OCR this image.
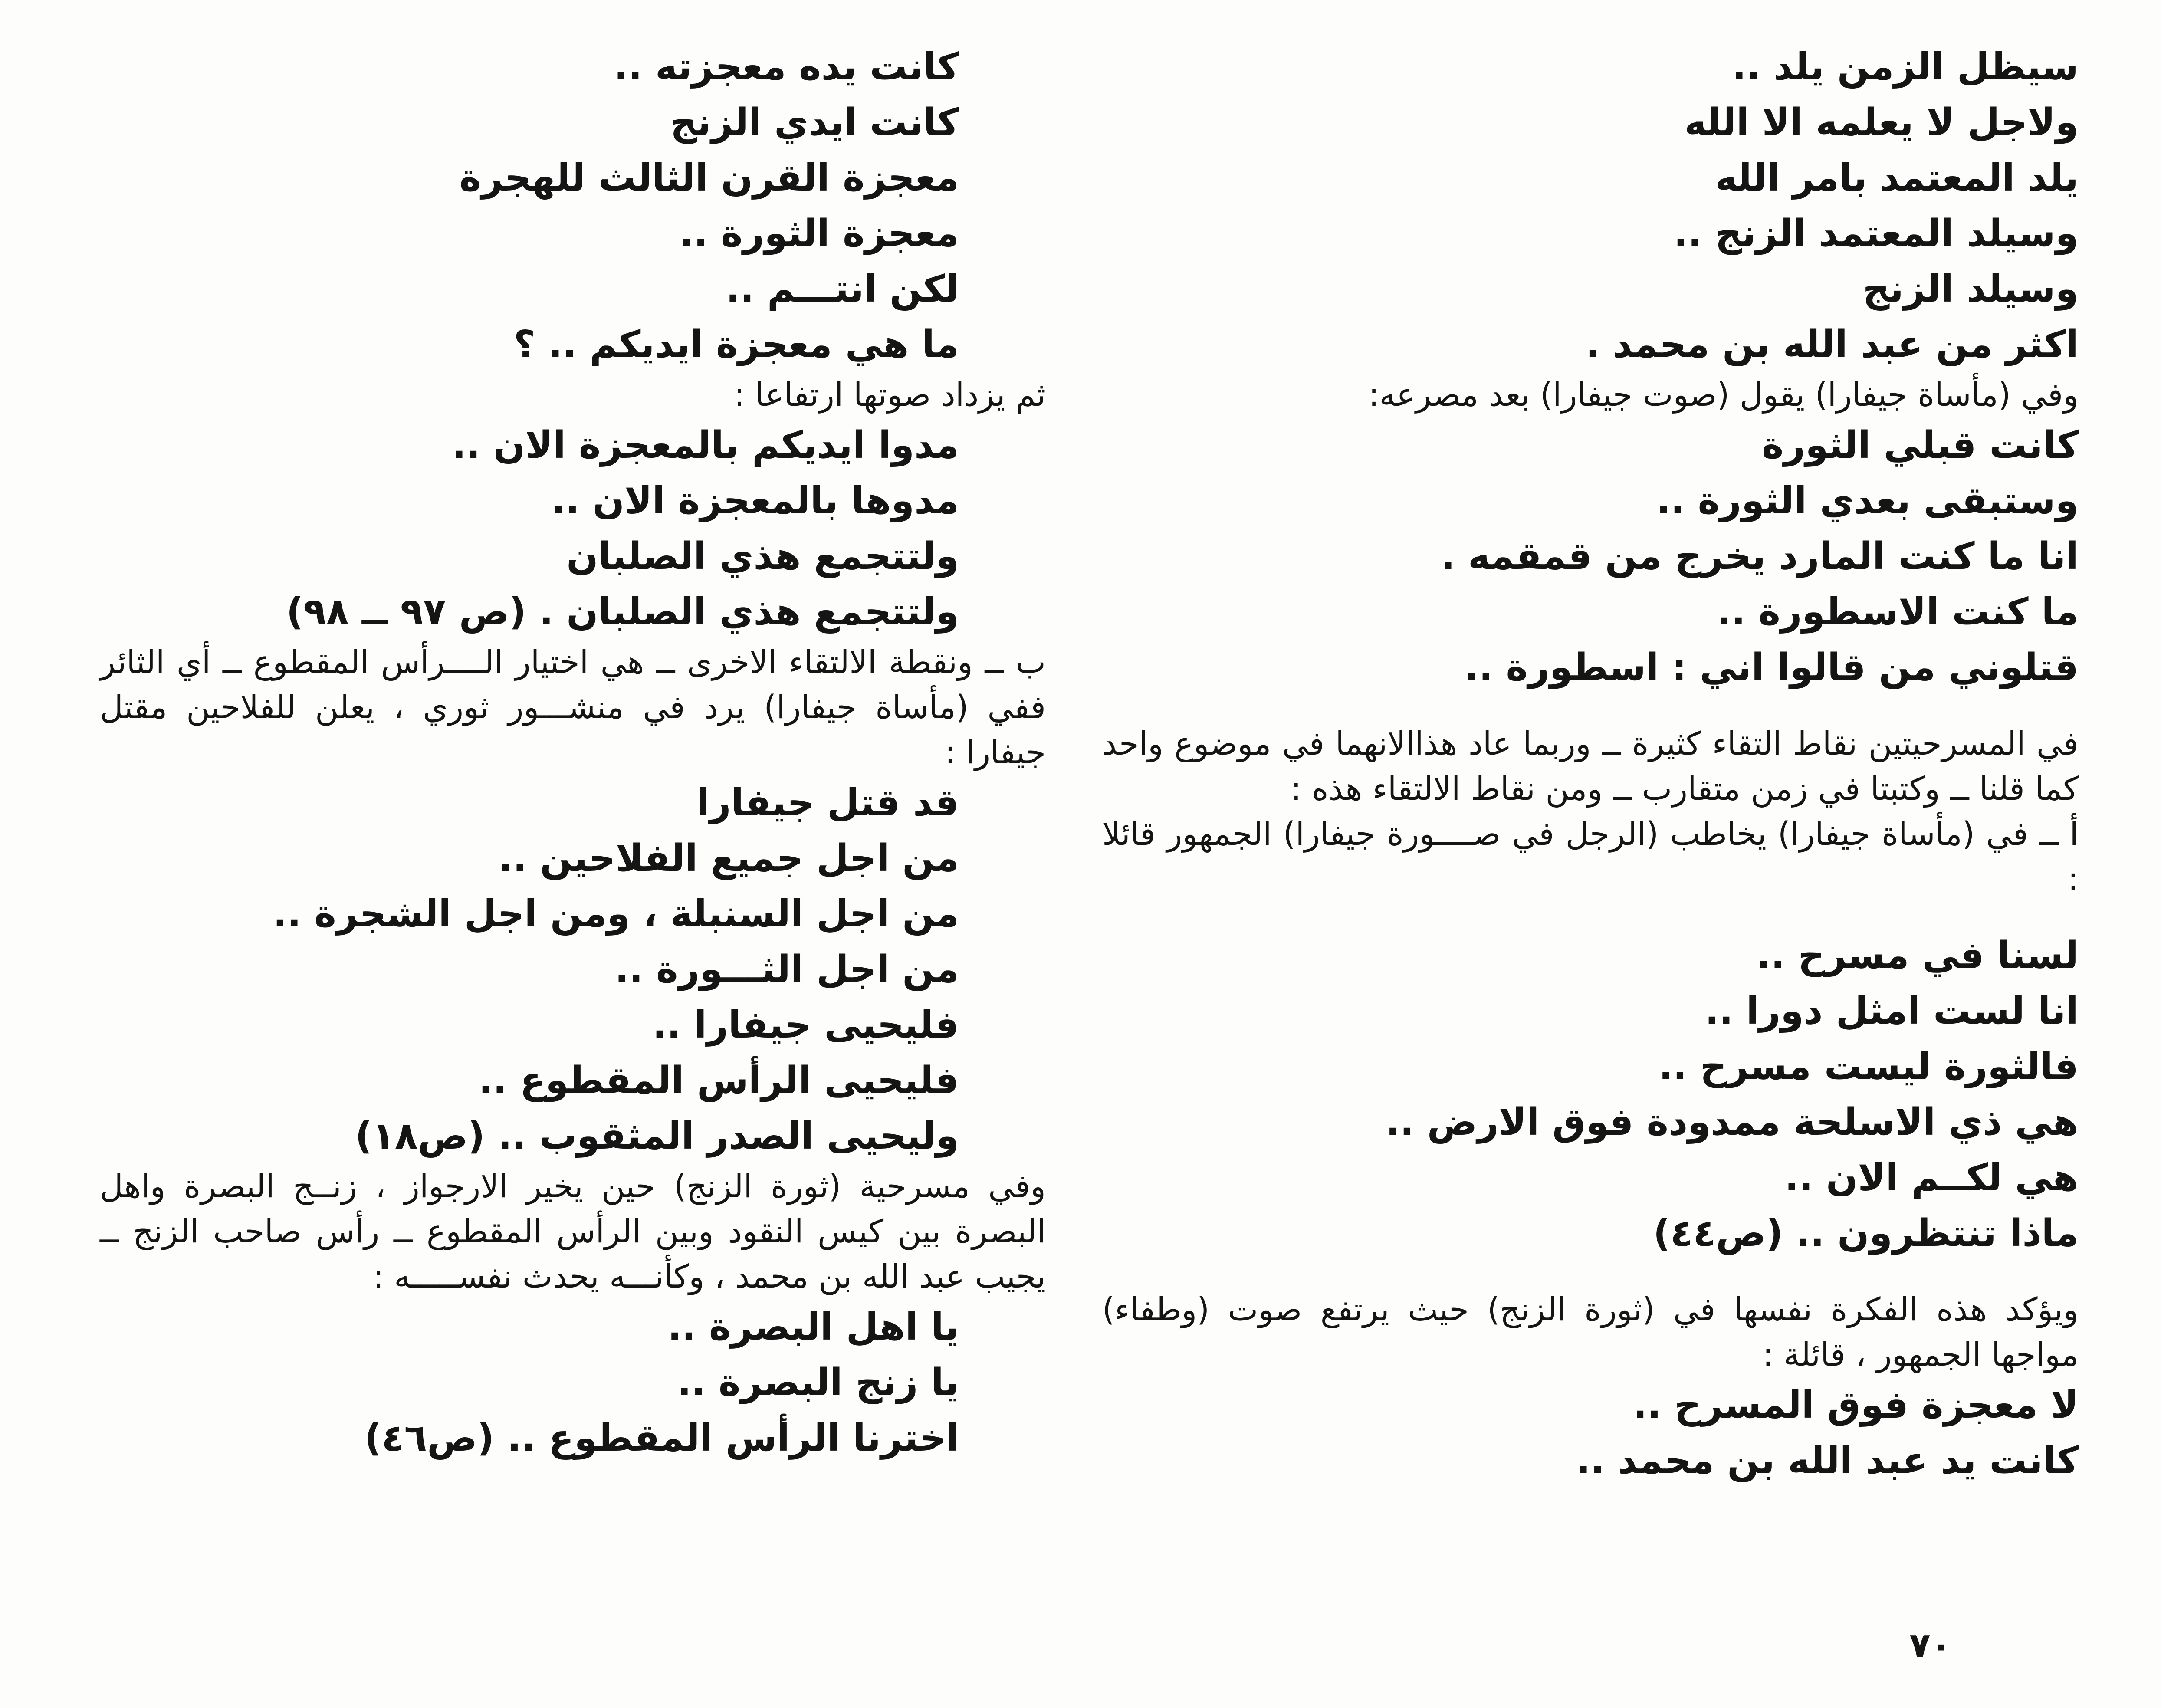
سيظل الزمن يلد ..
ولاجل لا يعلمه الا الله
يلد المعتمد بامر الله
وسيلد المعتمد الزنج ..
وسيلد الزنج
اكثر من عبد الله بن محمد .
وفي (مأساة جيفارا) يقول (صوت جيفارا) بعد مصرعه:
كانت قبلي الثورة
وستبقى بعدي الثورة ..
انا ما كنت المارد يخرج من قمقمه .
ما كنت الاسطورة ..
قتلوني من قالوا اني : اسطورة ..
في المسرحيتين نقاط التقاء كثيرة ــ وربما عاد هذاالانهما في موضوع واحد كما قلنا ــ وكتبتا في زمن متقارب ــ ومن نقاط الالتقاء هذه :
أ ــ في (مأساة جيفارا) يخاطب (الرجل في صــــورة جيفارا) الجمهور قائلا :
لسنا في مسرح ..
انا لست امثل دورا ..
فالثورة ليست مسرح ..
هي ذي الاسلحة ممدودة فوق الارض ..
هي لكــم الان ..
ماذا تنتظرون .. (ص٤٤)
ويؤكد هذه الفكرة نفسها في (ثورة الزنج) حيث يرتفع صوت (وطفاء) مواجها الجمهور ، قائلة :
لا معجزة فوق المسرح ..
كانت يد عبد الله بن محمد ..
كانت يده معجزته ..
كانت ايدي الزنج
معجزة القرن الثالث للهجرة
معجزة الثورة ..
لكن انتـــم ..
ما هي معجزة ايديكم .. ؟
ثم يزداد صوتها ارتفاعا :
مدوا ايديكم بالمعجزة الان ..
مدوها بالمعجزة الان ..
ولتتجمع هذي الصلبان
ولتتجمع هذي الصلبان . (ص ٩٧ ــ ٩٨)
ب ــ ونقطة الالتقاء الاخرى ــ هي اختيار الــــرأس المقطوع ــ أي الثائر ففي (مأساة جيفارا) يرد في منشـــور ثوري ، يعلن للفلاحين مقتل جيفارا :
قد قتل جيفارا
من اجل جميع الفلاحين ..
من اجل السنبلة ، ومن اجل الشجرة ..
من اجل الثـــورة ..
فليحيى جيفارا ..
فليحيى الرأس المقطوع ..
وليحيى الصدر المثقوب .. (ص١٨)
وفي مسرحية (ثورة الزنج) حين يخير الارجواز ، زنــج البصرة واهل البصرة بين كيس النقود وبين الرأس المقطوع ــ رأس صاحب الزنج ــ يجيب عبد الله بن محمد ، وكأنـــه يحدث نفســـــه :
يا اهل البصرة ..
يا زنج البصرة ..
اخترنا الرأس المقطوع .. (ص٤٦)
٧٠
